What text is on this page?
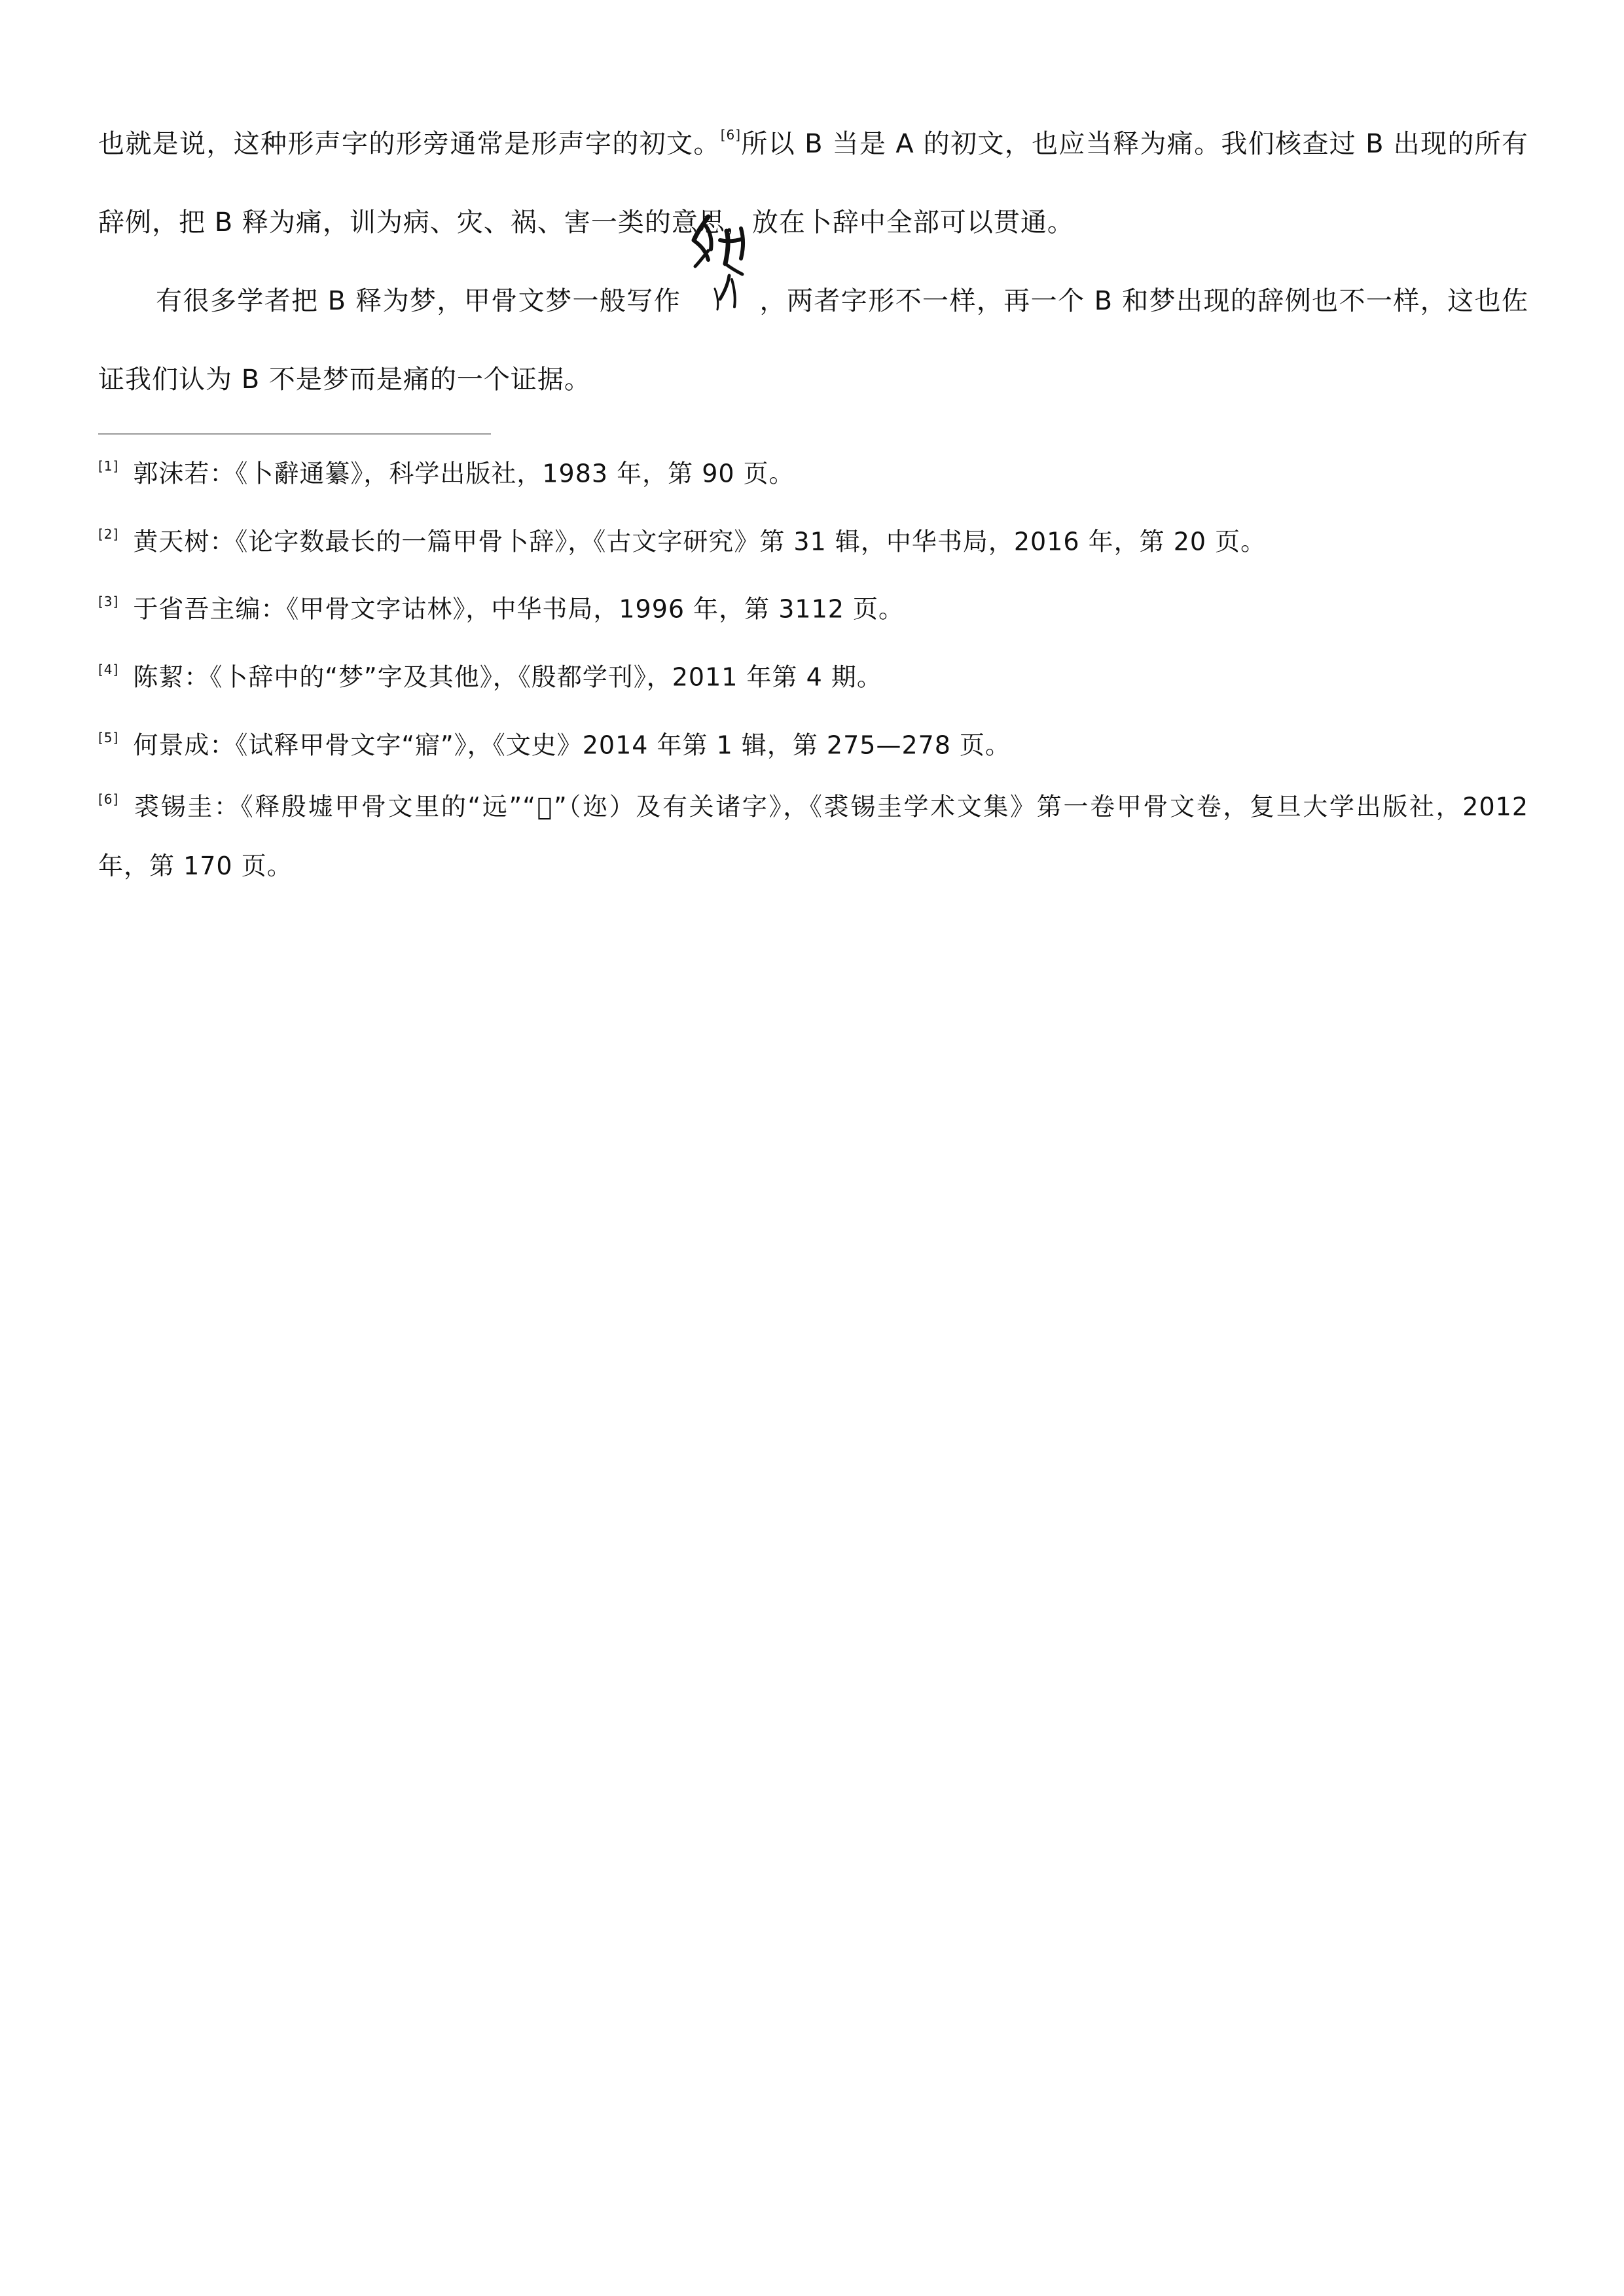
也就是说，这种形声字的形旁通常是形声字的初文。[6]所以 B 当是 A 的初文，也应当释为痛。我们核查过 B 出现的所有辞例，把 B 释为痛，训为病、灾、祸、害一类的意思，放在卜辞中全部可以贯通。

有很多学者把 B 释为梦，甲骨文梦一般写作	，两者字形不一样，再一个 B 和梦出现的辞例也不一样，这也佐证我们认为 B 不是梦而是痛的一个证据。

[1] 郭沫若：《卜辭通纂》，科学出版社，1983 年，第 90 页。

[2] 黄天树：《论字数最长的一篇甲骨卜辞》，《古文字研究》第 31 辑，中华书局，2016 年，第 20 页。

[3] 于省吾主编：《甲骨文字诂林》，中华书局，1996 年，第 3112 页。

[4] 陈絜：《卜辞中的“梦”字及其他》，《殷都学刊》，2011 年第 4 期。

[5] 何景成：《试释甲骨文字“寣”》，《文史》2014 年第 1 辑，第 275—278 页。

[6] 裘锡圭：《释殷墟甲骨文里的“远”“𤞷”（迩）及有关诸字》，《裘锡圭学术文集》第一卷甲骨文卷，复旦大学出版社，2012 年，第 170 页。
